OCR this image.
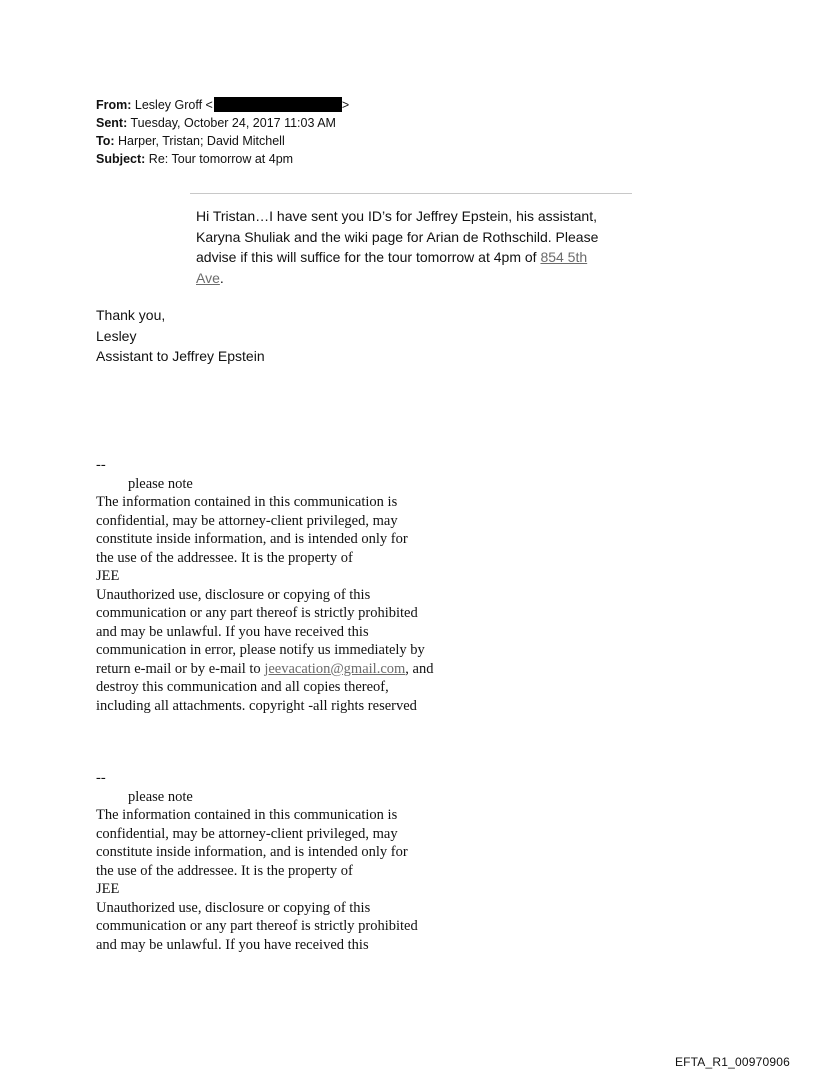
From: Lesley Groff <	>
Sent: Tuesday, October 24, 2017 11:03 AM
To: Harper, Tristan; David Mitchell
Subject: Re: Tour tomorrow at 4pm
Hi Tristan…I have sent you ID’s for Jeffrey Epstein, his assistant,
Karyna Shuliak and the wiki page for Arian de Rothschild. Please
advise if this will suffice for the tour tomorrow at 4pm of 854 5th
Ave.
Thank you,
Lesley
Assistant to Jeffrey Epstein
--
please note
The information contained in this communication is
confidential, may be attorney-client privileged, may
constitute inside information, and is intended only for
the use of the addressee. It is the property of
JEE
Unauthorized use, disclosure or copying of this
communication or any part thereof is strictly prohibited
and may be unlawful. If you have received this
communication in error, please notify us immediately by
return e-mail or by e-mail to jeevacation@gmail.com, and
destroy this communication and all copies thereof,
including all attachments. copyright -all rights reserved
--
please note
The information contained in this communication is
confidential, may be attorney-client privileged, may
constitute inside information, and is intended only for
the use of the addressee. It is the property of
JEE
Unauthorized use, disclosure or copying of this
communication or any part thereof is strictly prohibited
and may be unlawful. If you have received this
EFTA_R1_00970906
